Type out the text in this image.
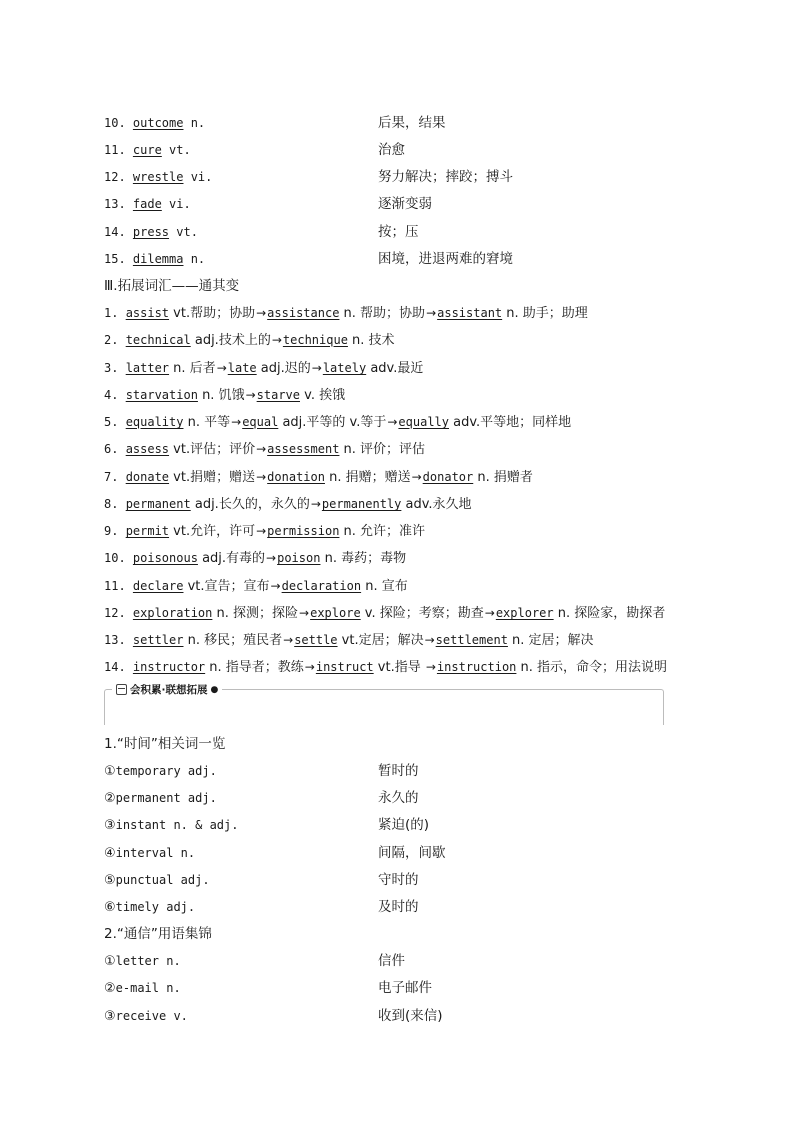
10. outcome n.	后果，结果
11. cure vt.	治愈
12. wrestle vi.	努力解决；摔跤；搏斗
13. fade vi.	逐渐变弱
14. press vt.	按；压
15. dilemma n.	困境，进退两难的窘境
Ⅲ.拓展词汇——通其变
1. assist vt.帮助；协助→assistance n. 帮助；协助→assistant n. 助手；助理
2. technical adj.技术上的→technique n. 技术
3. latter n. 后者→late adj.迟的→lately adv.最近
4. starvation n. 饥饿→starve v. 挨饿
5. equality n. 平等→equal adj.平等的 v.等于→equally adv.平等地；同样地
6. assess vt.评估；评价→assessment n. 评价；评估
7. donate vt.捐赠；赠送→donation n. 捐赠；赠送→donator n. 捐赠者
8. permanent adj.长久的，永久的→permanently adv.永久地
9. permit vt.允许，许可→permission n. 允许；准许
10. poisonous adj.有毒的→poison n. 毒药；毒物
11. declare vt.宣告；宣布→declaration n. 宣布
12. exploration n. 探测；探险→explore v. 探险；考察；勘查→explorer n. 探险家，勘探者
13. settler n. 移民；殖民者→settle vt.定居；解决→settlement n. 定居；解决
14. instructor n. 指导者；教练→instruct vt.指导 →instruction n. 指示，命令；用法说明
会积累·联想拓展 ●
1.“时间”相关词一览
①temporary adj.	暂时的
②permanent adj.	永久的
③instant n. & adj.	紧迫(的)
④interval n.	间隔，间歇
⑤punctual adj.	守时的
⑥timely adj.	及时的
2.“通信”用语集锦
①letter n.	信件
②e-mail n.	电子邮件
③receive v.	收到(来信)
